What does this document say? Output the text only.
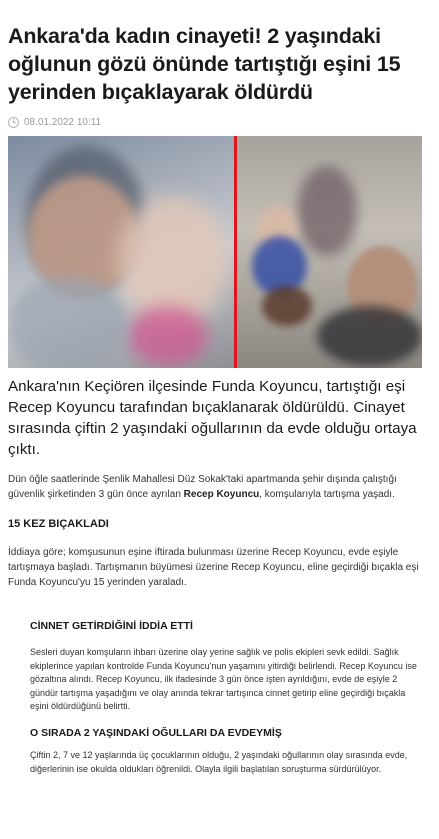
Ankara'da kadın cinayeti! 2 yaşındaki oğlunun gözü önünde tartıştığı eşini 15 yerinden bıçaklayarak öldürdü
08.01.2022 10:11

Ankara'nın Keçiören ilçesinde Funda Koyuncu, tartıştığı eşi Recep Koyuncu tarafından bıçaklanarak öldürüldü. Cinayet sırasında çiftin 2 yaşındaki oğullarının da evde olduğu ortaya çıktı.

Dün öğle saatlerinde Şenlik Mahallesi Düz Sokak'taki apartmanda şehir dışında çalıştığı güvenlik şirketinden 3 gün önce ayrılan Recep Koyuncu, komşularıyla tartışma yaşadı.

15 KEZ BIÇAKLADI

İddiaya göre; komşusunun eşine iftirada bulunması üzerine Recep Koyuncu, evde eşiyle tartışmaya başladı. Tartışmanın büyümesi üzerine Recep Koyuncu, eline geçirdiği bıçakla eşi Funda Koyuncu'yu 15 yerinden yaraladı.

CİNNET GETİRDİĞİNİ İDDİA ETTİ

Sesleri duyan komşuların ihbarı üzerine olay yerine sağlık ve polis ekipleri sevk edildi. Sağlık ekiplerince yapılan kontrolde Funda Koyuncu'nun yaşamını yitirdiği belirlendi. Recep Koyuncu ise gözaltına alındı. Recep Koyuncu, ilk ifadesinde 3 gün önce işten ayrıldığını, evde de eşiyle 2 gündür tartışma yaşadığını ve olay anında tekrar tartışınca cinnet getirip eline geçirdiği bıçakla eşini öldürdüğünü belirtti.

O SIRADA 2 YAŞINDAKİ OĞULLARI DA EVDEYMİŞ

Çiftin 2, 7 ve 12 yaşlarında üç çocuklarının olduğu, 2 yaşındaki oğullarının olay sırasında evde, diğerlerinin ise okulda oldukları öğrenildi. Olayla ilgili başlatılan soruşturma sürdürülüyor.
